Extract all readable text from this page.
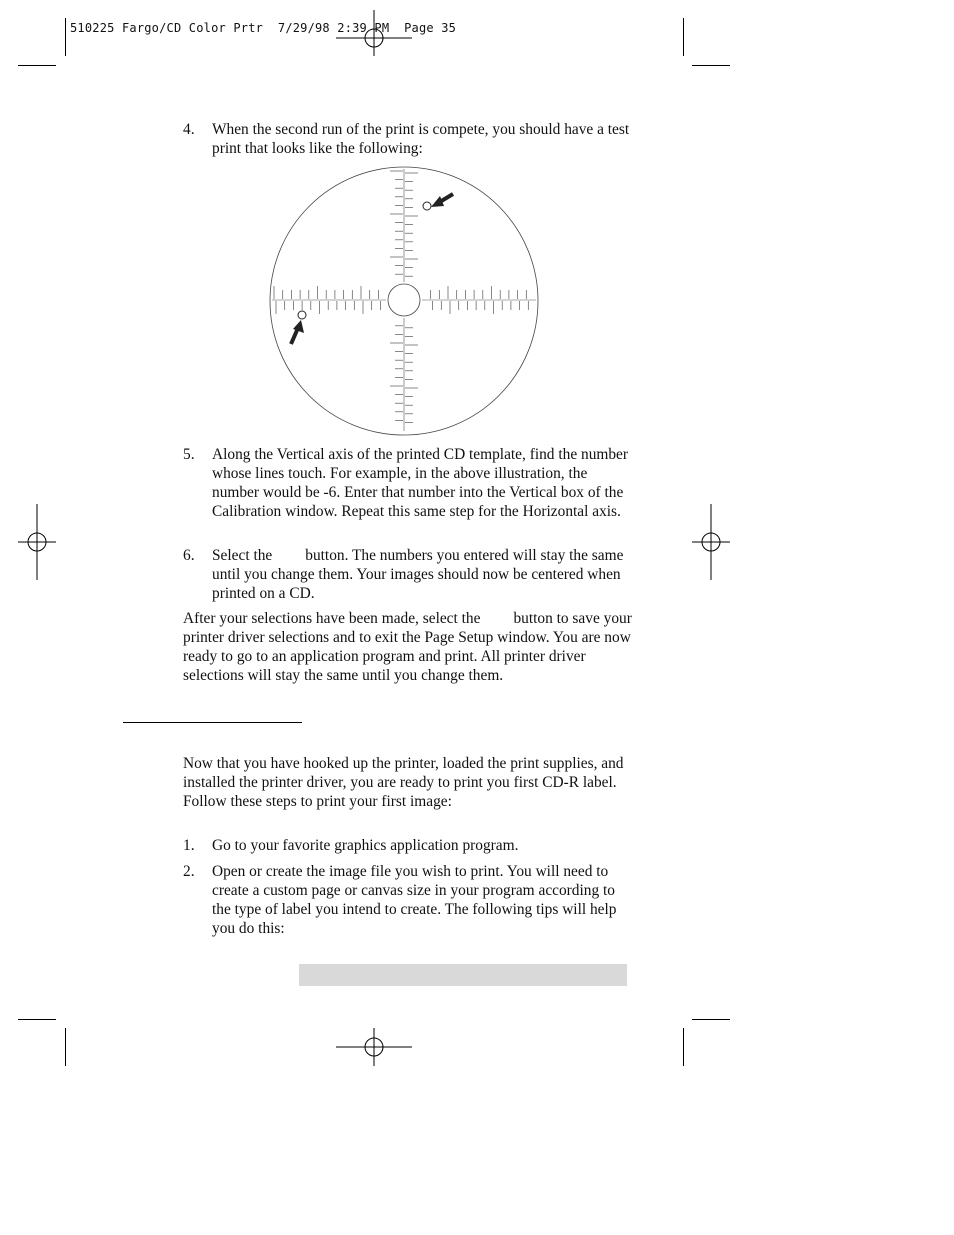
510225 Fargo/CD Color Prtr  7/29/98 2:39 PM  Page 35
4. When the second run of the print is compete, you should have a test print that looks like the following:
5. Along the Vertical axis of the printed CD template, find the number whose lines touch. For example, in the above illustration, the number would be -6. Enter that number into the Vertical box of the Calibration window. Repeat this same step for the Horizontal axis.
6. Select the button. The numbers you entered will stay the same until you change them. Your images should now be centered when printed on a CD.
After your selections have been made, select the button to save your printer driver selections and to exit the Page Setup window. You are now ready to go to an application program and print. All printer driver selections will stay the same until you change them.
Now that you have hooked up the printer, loaded the print supplies, and installed the printer driver, you are ready to print you first CD-R label. Follow these steps to print your first image:
1. Go to your favorite graphics application program.
2. Open or create the image file you wish to print. You will need to create a custom page or canvas size in your program according to the type of label you intend to create. The following tips will help you do this:
